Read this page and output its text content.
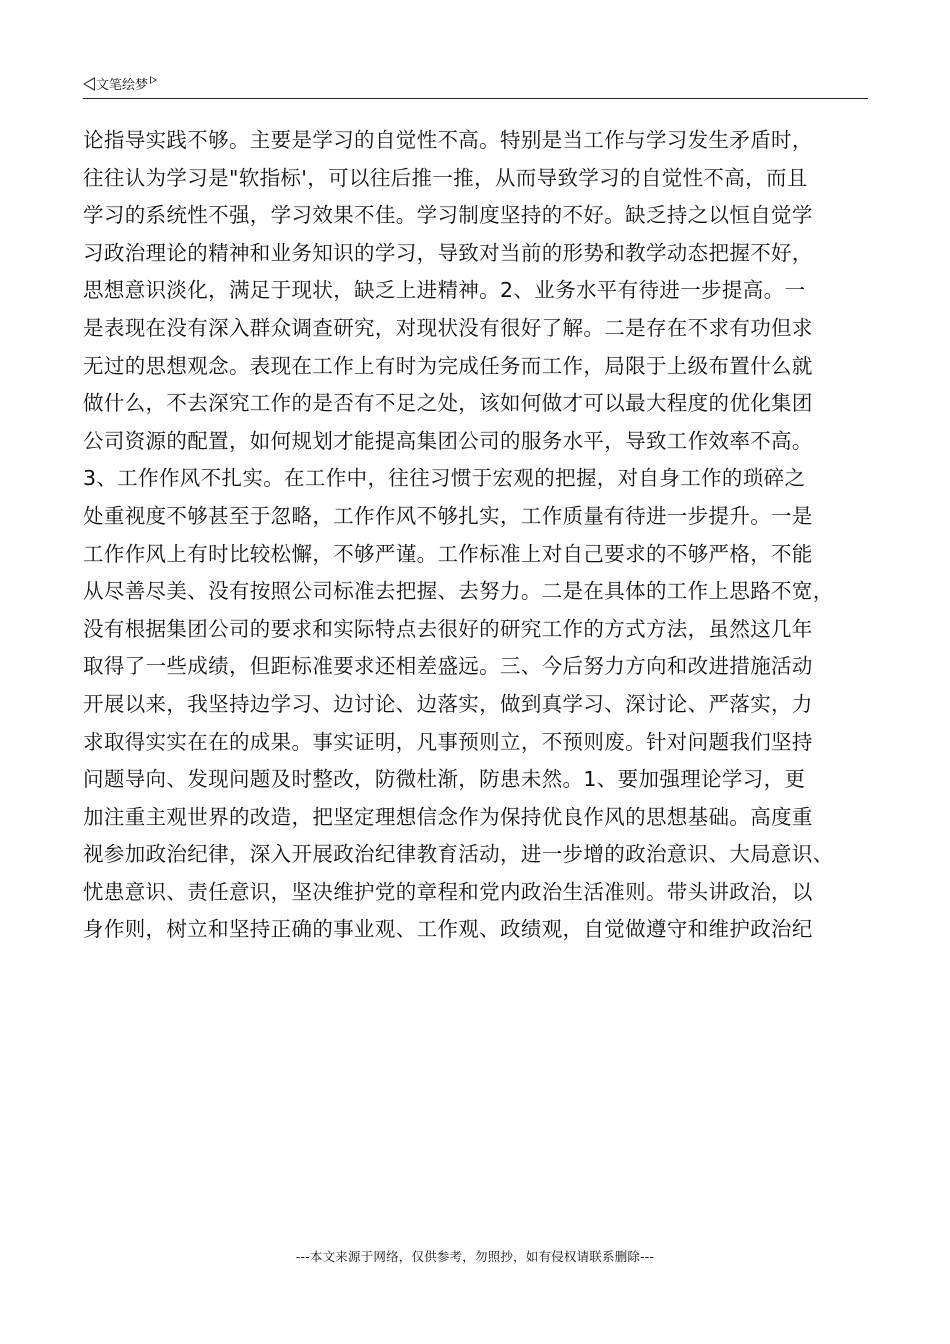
文笔绘梦
论指导实践不够。主要是学习的自觉性不高。特别是当工作与学习发生矛盾时，
往往认为学习是"软指标'，可以往后推一推，从而导致学习的自觉性不高，而且
学习的系统性不强，学习效果不佳。学习制度坚持的不好。缺乏持之以恒自觉学
习政治理论的精神和业务知识的学习，导致对当前的形势和教学动态把握不好，
思想意识淡化，满足于现状，缺乏上进精神。2、业务水平有待进一步提高。一
是表现在没有深入群众调查研究，对现状没有很好了解。二是存在不求有功但求
无过的思想观念。表现在工作上有时为完成任务而工作，局限于上级布置什么就
做什么，不去深究工作的是否有不足之处，该如何做才可以最大程度的优化集团
公司资源的配置，如何规划才能提高集团公司的服务水平，导致工作效率不高。
3、工作作风不扎实。在工作中，往往习惯于宏观的把握，对自身工作的琐碎之
处重视度不够甚至于忽略，工作作风不够扎实，工作质量有待进一步提升。一是
工作作风上有时比较松懈，不够严谨。工作标准上对自己要求的不够严格，不能
从尽善尽美、没有按照公司标准去把握、去努力。二是在具体的工作上思路不宽，
没有根据集团公司的要求和实际特点去很好的研究工作的方式方法，虽然这几年
取得了一些成绩，但距标准要求还相差盛远。三、今后努力方向和改进措施活动
开展以来，我坚持边学习、边讨论、边落实，做到真学习、深讨论、严落实，力
求取得实实在在的成果。事实证明，凡事预则立，不预则废。针对问题我们坚持
问题导向、发现问题及时整改，防微杜渐，防患未然。1、要加强理论学习，更
加注重主观世界的改造，把坚定理想信念作为保持优良作风的思想基础。高度重
视参加政治纪律，深入开展政治纪律教育活动，进一步增的政治意识、大局意识、
忧患意识、责任意识，坚决维护党的章程和党内政治生活准则。带头讲政治，以
身作则，树立和坚持正确的事业观、工作观、政绩观，自觉做遵守和维护政治纪
---本文来源于网络，仅供参考，勿照抄，如有侵权请联系删除---
